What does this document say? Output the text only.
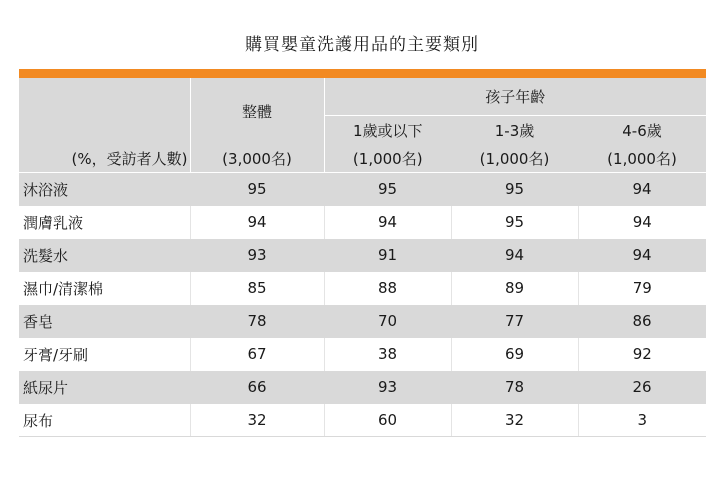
購買嬰童洗護用品的主要類別
	整體	孩子年齡		
		1歲或以下	1-3歲	4-6歲
(%，受訪者人數)	(3,000名)	(1,000名)	(1,000名)	(1,000名)
沐浴液	95	95	95	94
潤膚乳液	94	94	95	94
洗髮水	93	91	94	94
濕巾/清潔棉	85	88	89	79
香皂	78	70	77	86
牙膏/牙刷	67	38	69	92
紙尿片	66	93	78	26
尿布	32	60	32	3
